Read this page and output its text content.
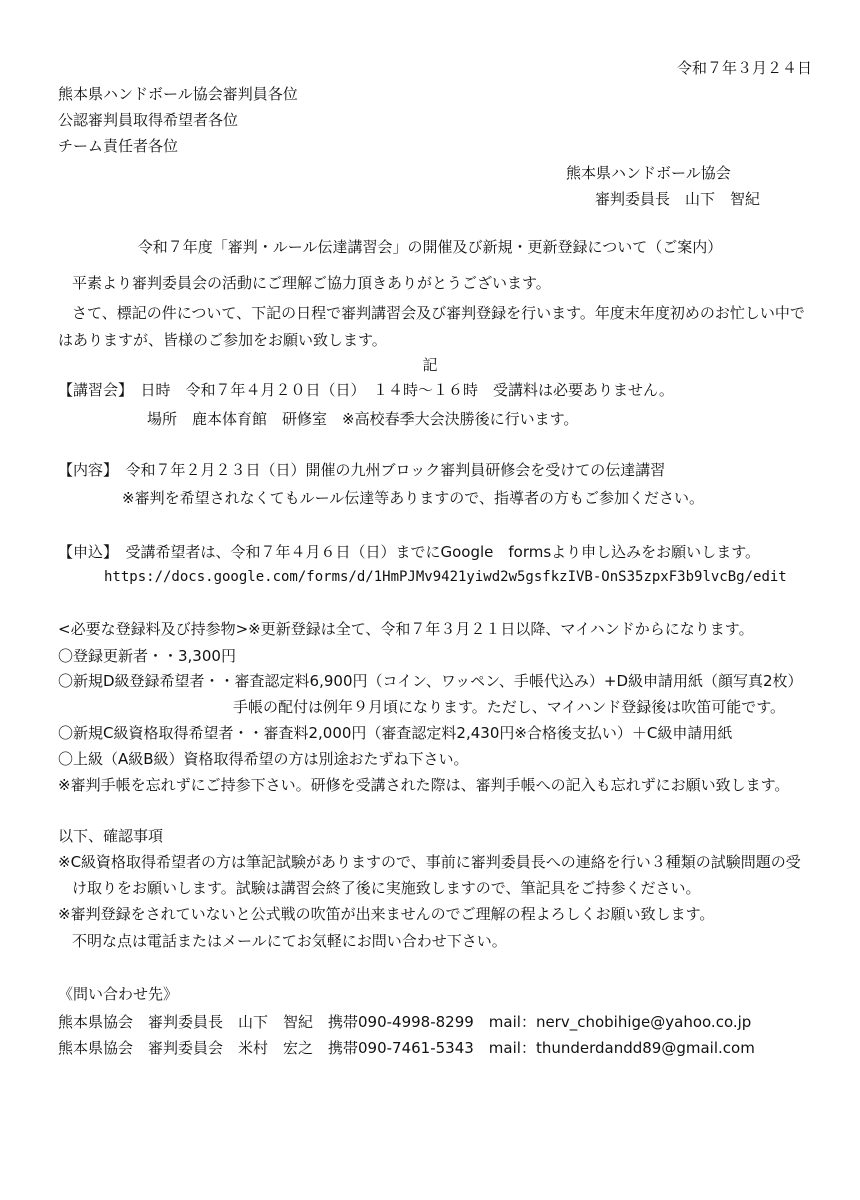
令和７年３月２４日
熊本県ハンドボール協会審判員各位
公認審判員取得希望者各位
チーム責任者各位
熊本県ハンドボール協会
審判委員長　山下　智紀
令和７年度「審判・ルール伝達講習会」の開催及び新規・更新登録について（ご案内）
平素より審判委員会の活動にご理解ご協力頂きありがとうございます。
さて、標記の件について、下記の日程で審判講習会及び審判登録を行います。年度末年度初めのお忙しい中で
はありますが、皆様のご参加をお願い致します。
記
【講習会】　日時　令和７年４月２０日（日）　１４時～１６時　受講料は必要ありません。
場所　鹿本体育館　研修室　※高校春季大会決勝後に行います。
【内容】　令和７年２月２３日（日）開催の九州ブロック審判員研修会を受けての伝達講習
※審判を希望されなくてもルール伝達等ありますので、指導者の方もご参加ください。
【申込】　受講希望者は、令和７年４月６日（日）までにGoogle　formsより申し込みをお願いします。
https://docs.google.com/forms/d/1HmPJMv9421yiwd2w5gsfkzIVB-OnS35zpxF3b9lvcBg/edit
<必要な登録料及び持参物>※更新登録は全て、令和７年３月２１日以降、マイハンドからになります。
〇登録更新者・・3,300円
〇新規D級登録希望者・・審査認定料6,900円（コイン、ワッペン、手帳代込み）+D級申請用紙（顔写真2枚）
手帳の配付は例年９月頃になります。ただし、マイハンド登録後は吹笛可能です。
〇新規C級資格取得希望者・・審査料2,000円（審査認定料2,430円※合格後支払い）＋C級申請用紙
〇上級（A級B級）資格取得希望の方は別途おたずね下さい。
※審判手帳を忘れずにご持参下さい。研修を受講された際は、審判手帳への記入も忘れずにお願い致します。
以下、確認事項
※C級資格取得希望者の方は筆記試験がありますので、事前に審判委員長への連絡を行い３種類の試験問題の受
け取りをお願いします。試験は講習会終了後に実施致しますので、筆記具をご持参ください。
※審判登録をされていないと公式戦の吹笛が出来ませんのでご理解の程よろしくお願い致します。
不明な点は電話またはメールにてお気軽にお問い合わせ下さい。
《問い合わせ先》
熊本県協会　審判委員長　山下　智紀　携帯090-4998-8299　mail：nerv_chobihige@yahoo.co.jp
熊本県協会　審判委員会　米村　宏之　携帯090-7461-5343　mail：thunderdandd89@gmail.com
